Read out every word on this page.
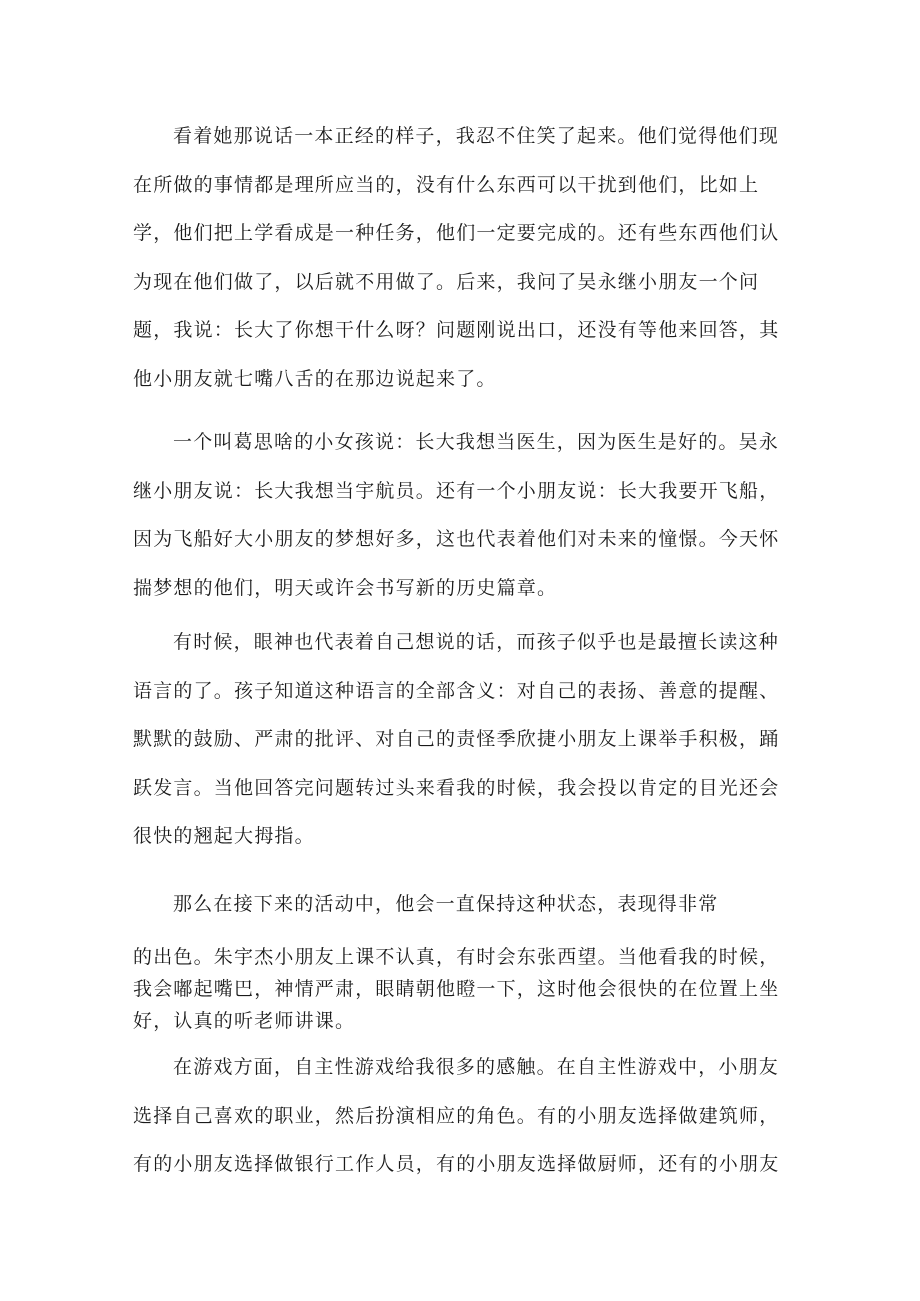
看着她那说话一本正经的样子，我忍不住笑了起来。他们觉得他们现
在所做的事情都是理所应当的，没有什么东西可以干扰到他们，比如上
学，他们把上学看成是一种任务，他们一定要完成的。还有些东西他们认
为现在他们做了，以后就不用做了。后来，我问了吴永继小朋友一个问
题，我说：长大了你想干什么呀？问题刚说出口，还没有等他来回答，其
他小朋友就七嘴八舌的在那边说起来了。

一个叫葛思啥的小女孩说：长大我想当医生，因为医生是好的。吴永
继小朋友说：长大我想当宇航员。还有一个小朋友说：长大我要开飞船，
因为飞船好大小朋友的梦想好多，这也代表着他们对未来的憧憬。今天怀
揣梦想的他们，明天或许会书写新的历史篇章。

有时候，眼神也代表着自己想说的话，而孩子似乎也是最擅长读这种
语言的了。孩子知道这种语言的全部含义：对自己的表扬、善意的提醒、
默默的鼓励、严肃的批评、对自己的责怪季欣捷小朋友上课举手积极，踊
跃发言。当他回答完问题转过头来看我的时候，我会投以肯定的目光还会
很快的翘起大拇指。

那么在接下来的活动中，他会一直保持这种状态，表现得非常

的出色。朱宇杰小朋友上课不认真，有时会东张西望。当他看我的时候，
我会嘟起嘴巴，神情严肃，眼睛朝他瞪一下，这时他会很快的在位置上坐
好，认真的听老师讲课。

在游戏方面，自主性游戏给我很多的感触。在自主性游戏中，小朋友
选择自己喜欢的职业，然后扮演相应的角色。有的小朋友选择做建筑师，
有的小朋友选择做银行工作人员，有的小朋友选择做厨师，还有的小朋友
